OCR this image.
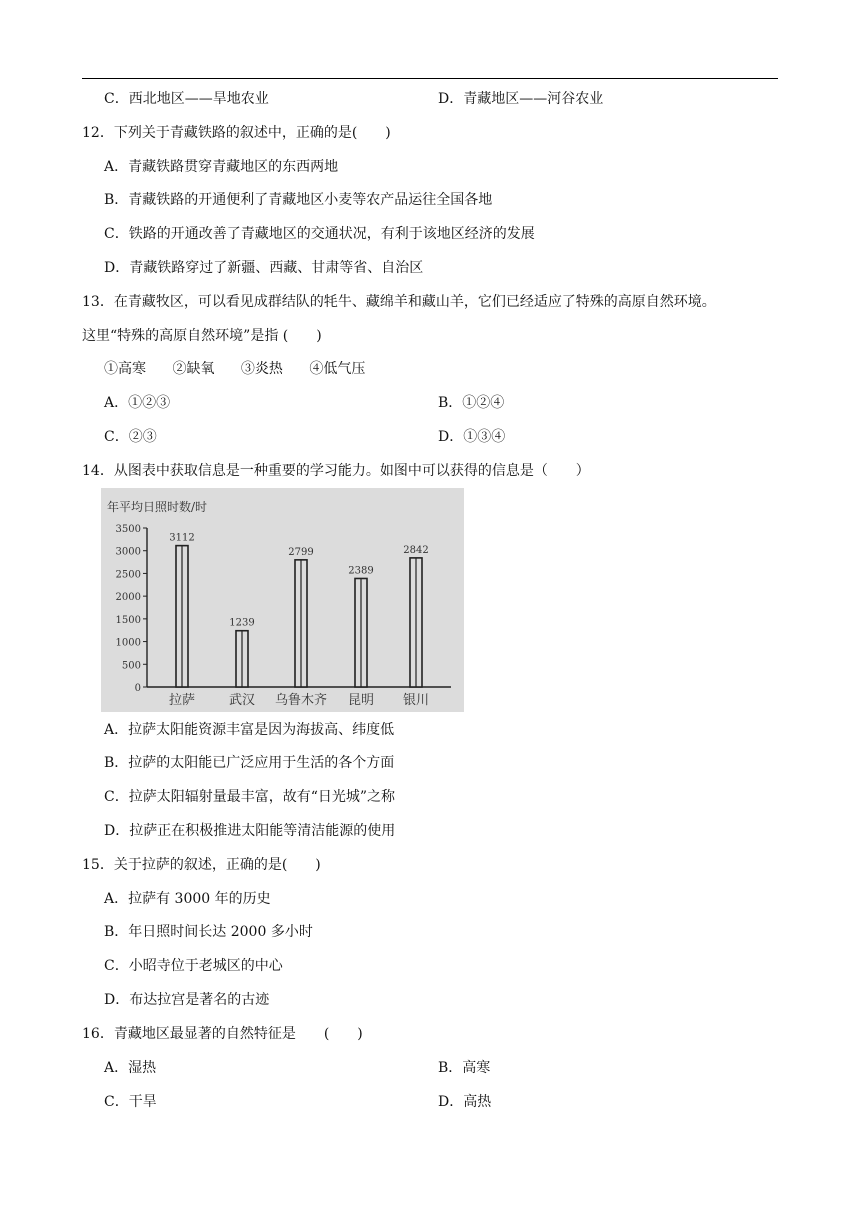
C．西北地区——旱地农业	D．青藏地区——河谷农业
12．下列关于青藏铁路的叙述中，正确的是(　　)
A．青藏铁路贯穿青藏地区的东西两地
B．青藏铁路的开通便利了青藏地区小麦等农产品运往全国各地
C．铁路的开通改善了青藏地区的交通状况，有利于该地区经济的发展
D．青藏铁路穿过了新疆、西藏、甘肃等省、自治区
13．在青藏牧区，可以看见成群结队的牦牛、藏绵羊和藏山羊，它们已经适应了特殊的高原自然环境。
这里“特殊的高原自然环境”是指 (　　)
①高寒 ②缺氧 ③炎热 ④低气压
A．①②③	B．①②④
C．②③	D．①③④
14．从图表中获取信息是一种重要的学习能力。如图中可以获得的信息是（　　）
年平均日照时数/时
0
500
1000
1500
2000
2500
3000
3500
3112
拉萨
1239
武汉
2799
乌鲁木齐
2389
昆明
2842
银川
A．拉萨太阳能资源丰富是因为海拔高、纬度低
B．拉萨的太阳能已广泛应用于生活的各个方面
C．拉萨太阳辐射量最丰富，故有“日光城”之称
D．拉萨正在积极推进太阳能等清洁能源的使用
15．关于拉萨的叙述，正确的是(　　)
A．拉萨有 3000 年的历史
B．年日照时间长达 2000 多小时
C．小昭寺位于老城区的中心
D．布达拉宫是著名的古迹
16．青藏地区最显著的自然特征是　　(　　)
A．湿热	B．高寒
C．干旱	D．高热
